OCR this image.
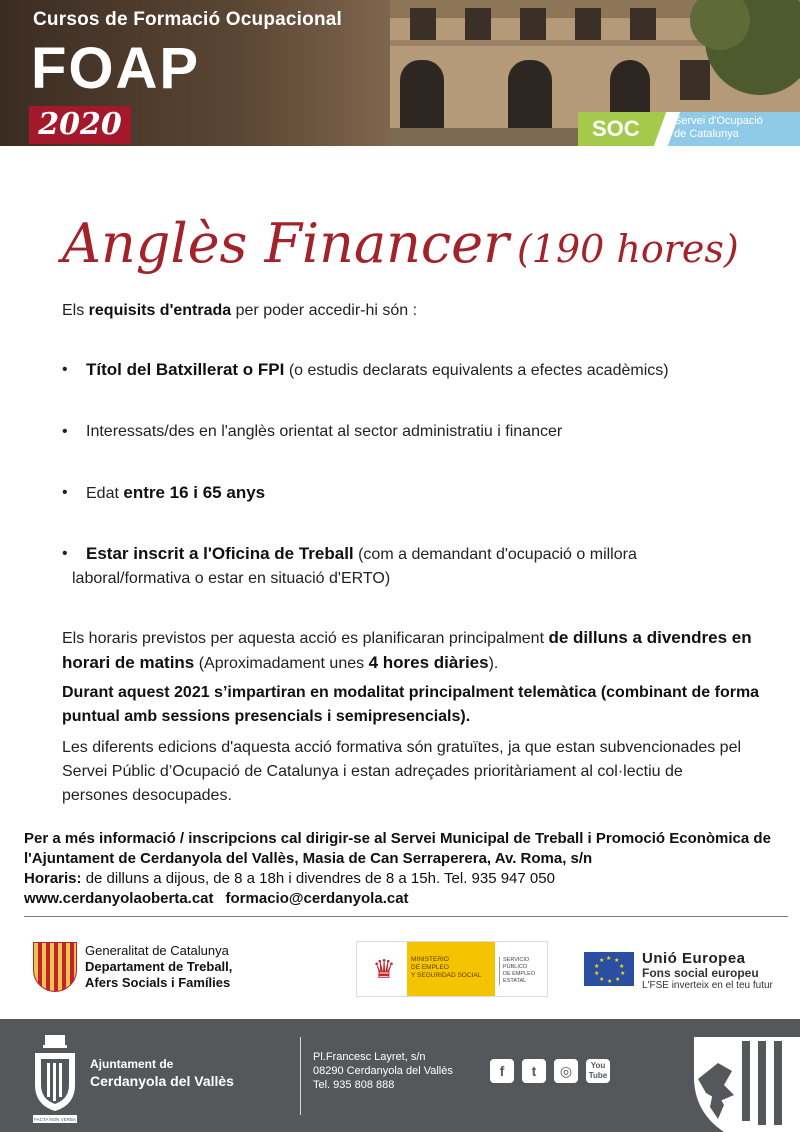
Cursos de Formació Ocupacional
FOAP
2020	SOC	Servei d'Ocupació
de Catalunya
Anglès Financer (190 hores)
Els requisits d'entrada per poder accedir-hi són :
•	Títol del Batxillerat o FPI (o estudis declarats equivalents a efectes acadèmics)
•	Interessats/des en l'anglès orientat al sector administratiu i financer
•	Edat entre 16 i 65 anys
•	Estar inscrit a l'Oficina de Treball (com a demandant d'ocupació o millora
laboral/formativa o estar en situació d'ERTO)
Els horaris previstos per aquesta acció es planificaran principalment de dilluns a divendres en horari de matins (Aproximadament unes 4 hores diàries).
Durant aquest 2021 s’impartiran en modalitat principalment telemàtica (combinant de forma puntual amb sessions presencials i semipresencials).
Les diferents edicions d'aquesta acció formativa són gratuïtes, ja que estan subvencionades pel Servei Públic d’Ocupació de Catalunya i estan adreçades prioritàriament al col·lectiu de persones desocupades.
Per a més informació / inscripcions cal dirigir-se al Servei Municipal de Treball i Promoció Econòmica de l'Ajuntament de Cerdanyola del Vallès, Masia de Can Serraperera, Av. Roma, s/n
Horaris: de dilluns a dijous, de 8 a 18h i divendres de 8 a 15h. Tel. 935 947 050
www.cerdanyolaoberta.cat formacio@cerdanyola.cat
Generalitat de Catalunya
Departament de Treball,
Afers Socials i Famílies	♛	MINISTERIO
DE EMPLEO
Y SEGURIDAD SOCIAL
SERVICIO PÚBLICO
DE EMPLEO ESTATAL
★ ★
★
★
★
★
★
★
★
★	Unió Europea
Fons social europeu
L'FSE inverteix en el teu futur
FACTA NON VERBA
Ajuntament de
Cerdanyola del Vallès
Pl.Francesc Layret, s/n
08290 Cerdanyola del Vallès
Tel. 935 808 888
f	t	◎	You Tube
